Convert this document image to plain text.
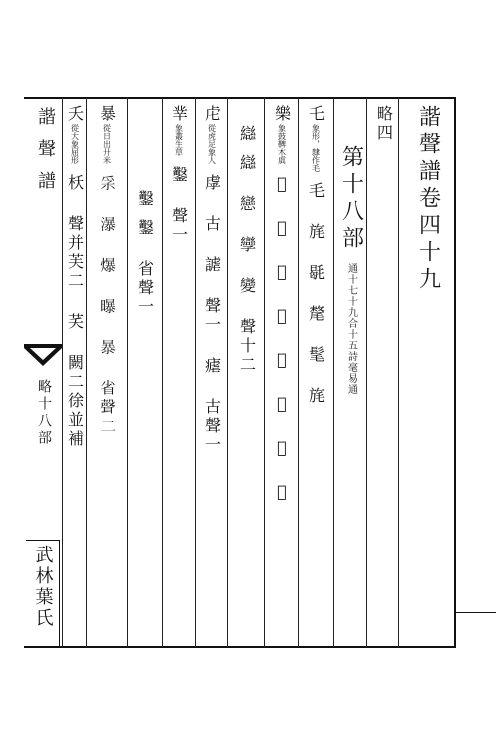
諧聲譜卷四十九
略四
第十八部
通十七十九合十五詩毫易通
乇
象形，隸作毛
毛 旄 毼 氂 髦 旄
樂
象鼓鞞木虡
𤓰 爍 櫟 濼 樂 礫 藥 濼
䜌
䜌 戀 孿 變 聲十二
虍
從虎足象人
虖 古 謔 聲一 瘧 古聲一
丵
象叢生草
鑿 聲一
鑿
鑿 省聲一
暴
從日出廾米
𤓽 瀑 爆 曝 暴 省聲二
夭
從大象屈形
枖 聲并芙二 芺 闕二徐並補
諧聲譜
略十八部
武林葉氏
